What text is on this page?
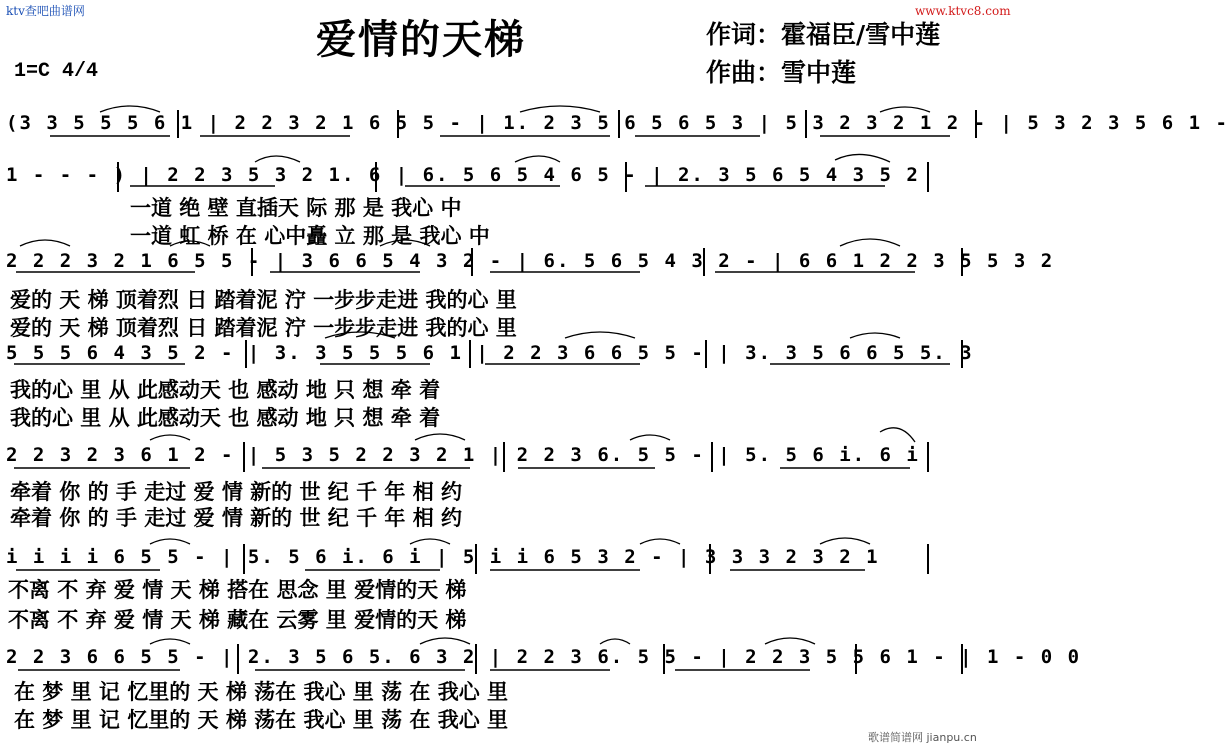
ktv查吧曲谱网	www.ktvc8.com
歌谱简谱网 jianpu.cn
爱情的天梯	作词：霍福臣/雪中莲
作曲：雪中莲
1=C 4/4
(3 3 5 5 5 6 1 | 2 2 3 2 1 6 5 5 - | 1. 2 3 5 6 5 6 5 3 | 5 3 2 3 2 1 2 - | 5 3 2 3 5 6 1 -
1 - - - ) | 2 2 3 5 3 2 1. 6 | 6. 5 6 5 4 6 5 - | 2. 3 5 6 5 4 3 5 2
2 2 2 3 2 1 6 5 5 - | 3 6 6 5 4 3 2 - | 6. 5 6 5 4 3 2 - | 6 6 1 2 2 3 5 5 3 2
5 5 5 6 4 3 5 2 - | 3. 3 5 5 5 6 1 | 2 2 3 6 6 5 5 - | 3. 3 5 6 6 5 5. 3
2 2 3 2 3 6 1 2 - | 5 3 5 2 2 3 2 1 | 2 2 3 6. 5 5 - | 5. 5 6 i. 6 i
i i i i 6 5 5 - | 5. 5 6 i. 6 i | 5 i i 6 5 3 2 - | 3 3 3 2 3 2 1
2 2 3 6 6 5 5 - | 2. 3 5 6 5. 6 3 2 | 2 2 3 6. 5 5 - | 2 2 3 5 5 6 1 - | 1 - 0 0
一道 绝 壁 直插天 际 那 是 我心 中
一道 虹 桥 在 心中矗 立 那 是 我心 中
爱的 天 梯 顶着烈 日 踏着泥 泞 一步步走进 我的心 里
爱的 天 梯 顶着烈 日 踏着泥 泞 一步步走进 我的心 里
我的心 里 从 此感动天 也 感动 地 只 想 牵 着
我的心 里 从 此感动天 也 感动 地 只 想 牵 着
牵着 你 的 手 走过 爱 情 新的 世 纪 千 年 相 约
牵着 你 的 手 走过 爱 情 新的 世 纪 千 年 相 约
不离 不 弃 爱 情 天 梯 搭在 思念 里 爱情的天 梯
不离 不 弃 爱 情 天 梯 藏在 云雾 里 爱情的天 梯
在 梦 里 记 忆里的 天 梯 荡在 我心 里 荡 在 我心 里
在 梦 里 记 忆里的 天 梯 荡在 我心 里 荡 在 我心 里
